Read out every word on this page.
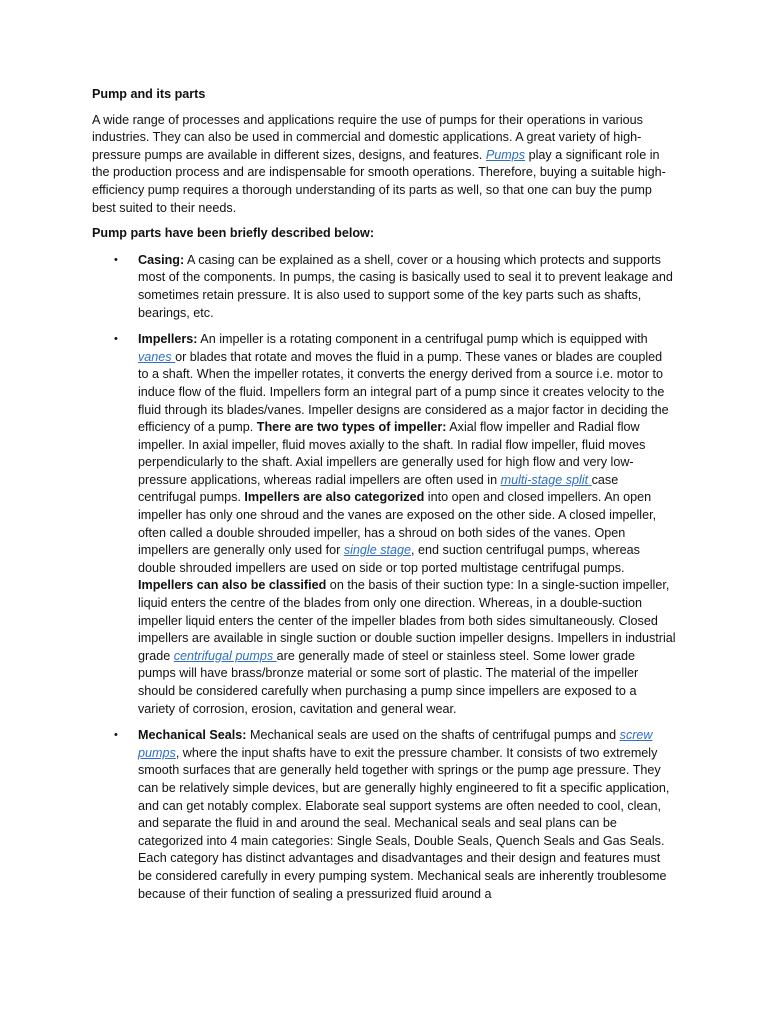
Pump and its parts

A wide range of processes and applications require the use of pumps for their operations in various industries. They can also be used in commercial and domestic applications. A great variety of high-pressure pumps are available in different sizes, designs, and features. Pumps play a significant role in the production process and are indispensable for smooth operations. Therefore, buying a suitable high-efficiency pump requires a thorough understanding of its parts as well, so that one can buy the pump best suited to their needs.

Pump parts have been briefly described below:

• Casing: A casing can be explained as a shell, cover or a housing which protects and supports most of the components. In pumps, the casing is basically used to seal it to prevent leakage and sometimes retain pressure. It is also used to support some of the key parts such as shafts, bearings, etc.
• Impellers: An impeller is a rotating component in a centrifugal pump which is equipped with vanes or blades that rotate and moves the fluid in a pump. These vanes or blades are coupled to a shaft. When the impeller rotates, it converts the energy derived from a source i.e. motor to induce flow of the fluid. Impellers form an integral part of a pump since it creates velocity to the fluid through its blades/vanes. Impeller designs are considered as a major factor in deciding the efficiency of a pump. There are two types of impeller: Axial flow impeller and Radial flow impeller. In axial impeller, fluid moves axially to the shaft. In radial flow impeller, fluid moves perpendicularly to the shaft. Axial impellers are generally used for high flow and very low-pressure applications, whereas radial impellers are often used in multi-stage split case centrifugal pumps. Impellers are also categorized into open and closed impellers. An open impeller has only one shroud and the vanes are exposed on the other side. A closed impeller, often called a double shrouded impeller, has a shroud on both sides of the vanes. Open impellers are generally only used for single stage, end suction centrifugal pumps, whereas double shrouded impellers are used on side or top ported multistage centrifugal pumps. Impellers can also be classified on the basis of their suction type: In a single-suction impeller, liquid enters the centre of the blades from only one direction. Whereas, in a double-suction impeller liquid enters the center of the impeller blades from both sides simultaneously. Closed impellers are available in single suction or double suction impeller designs. Impellers in industrial grade centrifugal pumps are generally made of steel or stainless steel. Some lower grade pumps will have brass/bronze material or some sort of plastic. The material of the impeller should be considered carefully when purchasing a pump since impellers are exposed to a variety of corrosion, erosion, cavitation and general wear.
• Mechanical Seals: Mechanical seals are used on the shafts of centrifugal pumps and screw pumps, where the input shafts have to exit the pressure chamber. It consists of two extremely smooth surfaces that are generally held together with springs or the pump age pressure. They can be relatively simple devices, but are generally highly engineered to fit a specific application, and can get notably complex. Elaborate seal support systems are often needed to cool, clean, and separate the fluid in and around the seal. Mechanical seals and seal plans can be categorized into 4 main categories: Single Seals, Double Seals, Quench Seals and Gas Seals. Each category has distinct advantages and disadvantages and their design and features must be considered carefully in every pumping system. Mechanical seals are inherently troublesome because of their function of sealing a pressurized fluid around a
